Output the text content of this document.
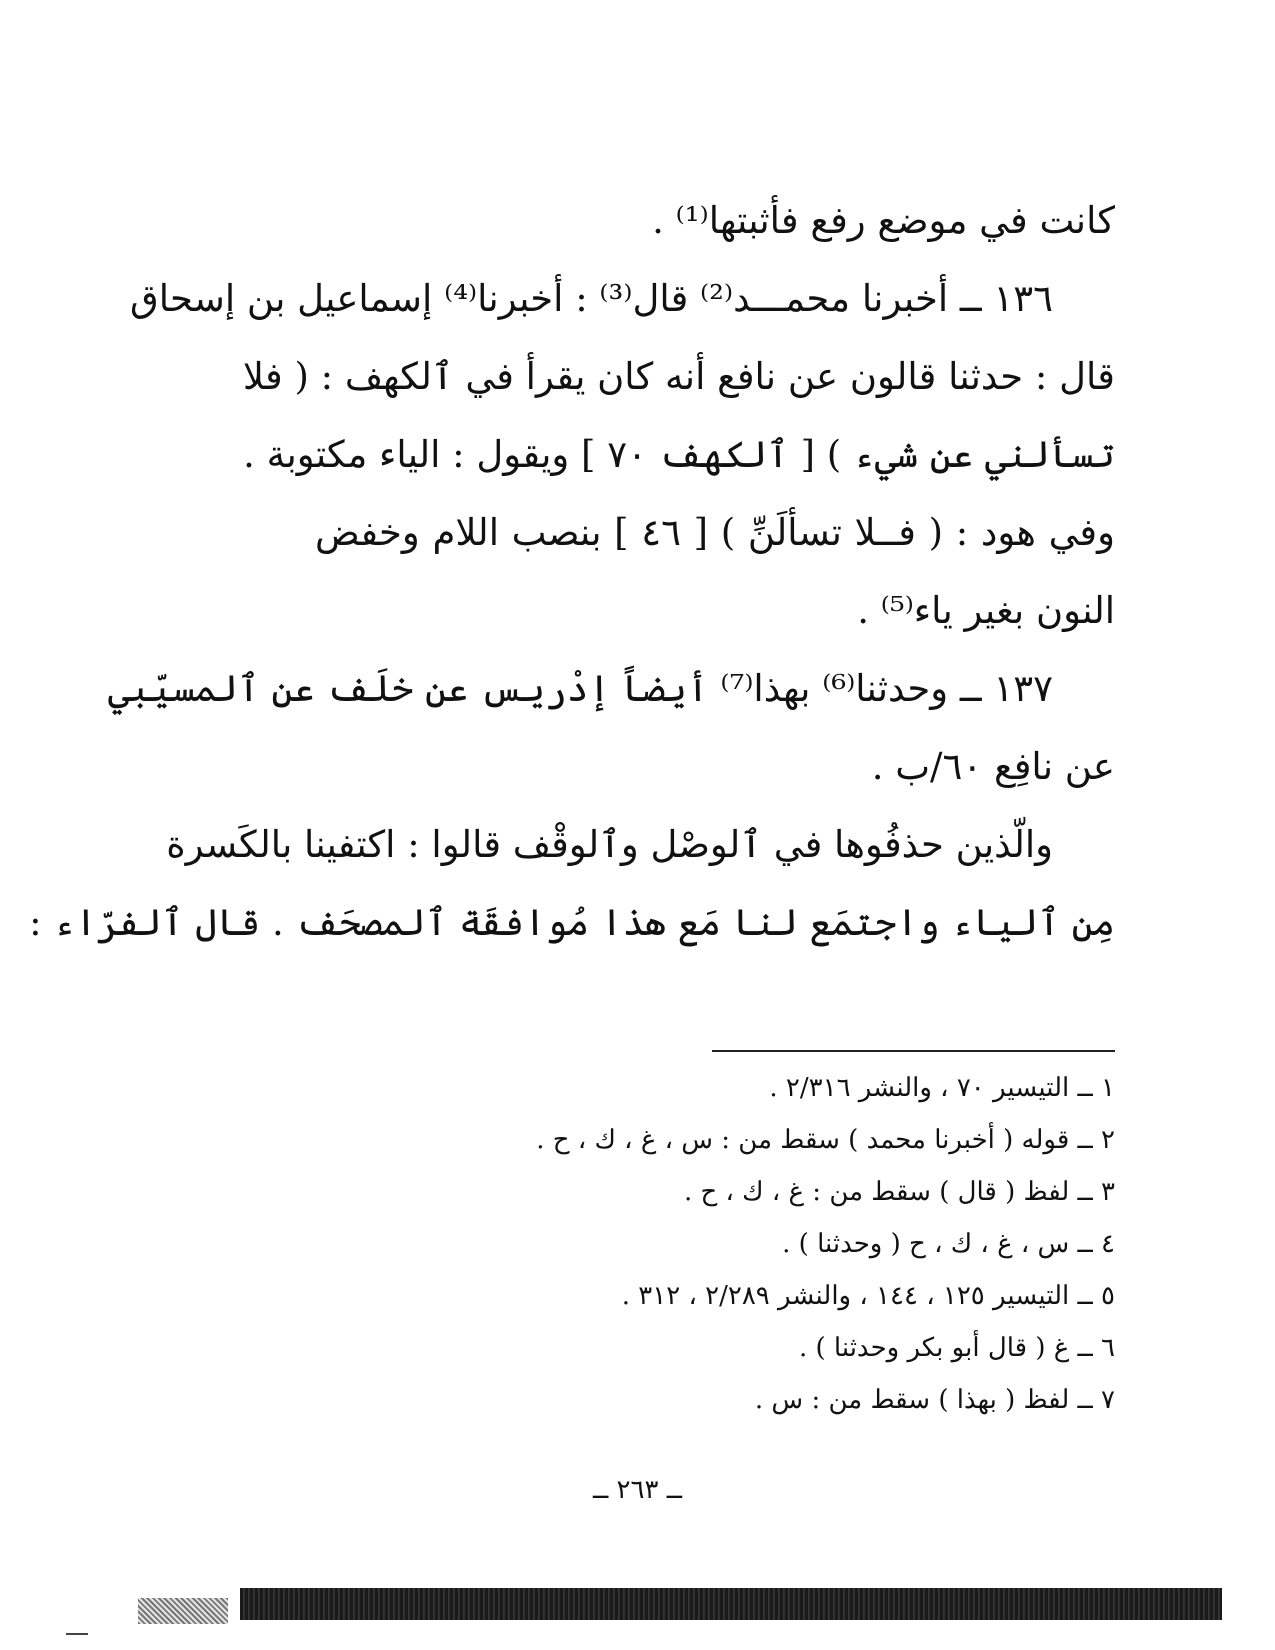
كانت في موضع رفع فأثبتها⁽¹⁾ .
١٣٦ ــ أخبرنا محمـــد⁽²⁾ قال⁽³⁾ : أخبرنا⁽⁴⁾ إسماعيل بن إسحاق
قال : حدثنا قالون عن نافع أنه كان يقرأ في ٱلكهف : ( فلا
تسألني عن شيء ) [ ٱلكهف ٧٠ ] ويقول : الياء مكتوبة .
وفي هود : ( فــلا تسألَنِّ ) [ ٤٦ ] بنصب اللام وخفض
النون بغير ياء⁽⁵⁾ .
١٣٧ ــ وحدثنا⁽⁶⁾ بهذا⁽⁷⁾ أيضاً إدْريس عن خلَف عن ٱلمسيّبي
عن نافِع ٦٠/ب .
والّذين حذفُوها في ٱلوصْل وٱلوقْف قالوا : اكتفينا بالكَسرة
مِن ٱلياء واجتمَع لنا مَع هذا مُوافقَة ٱلمصحَف . قال ٱلفرّاء :
١ ــ التيسير ٧٠ ، والنشر ٢/٣١٦ .
٢ ــ قوله ( أخبرنا محمد ) سقط من : س ، غ ، ك ، ح .
٣ ــ لفظ ( قال ) سقط من : غ ، ك ، ح .
٤ ــ س ، غ ، ك ، ح ( وحدثنا ) .
٥ ــ التيسير ١٢٥ ، ١٤٤ ، والنشر ٢/٢٨٩ ، ٣١٢ .
٦ ــ غ ( قال أبو بكر وحدثنا ) .
٧ ــ لفظ ( بهذا ) سقط من : س .
ــ ٢٦٣ ــ
